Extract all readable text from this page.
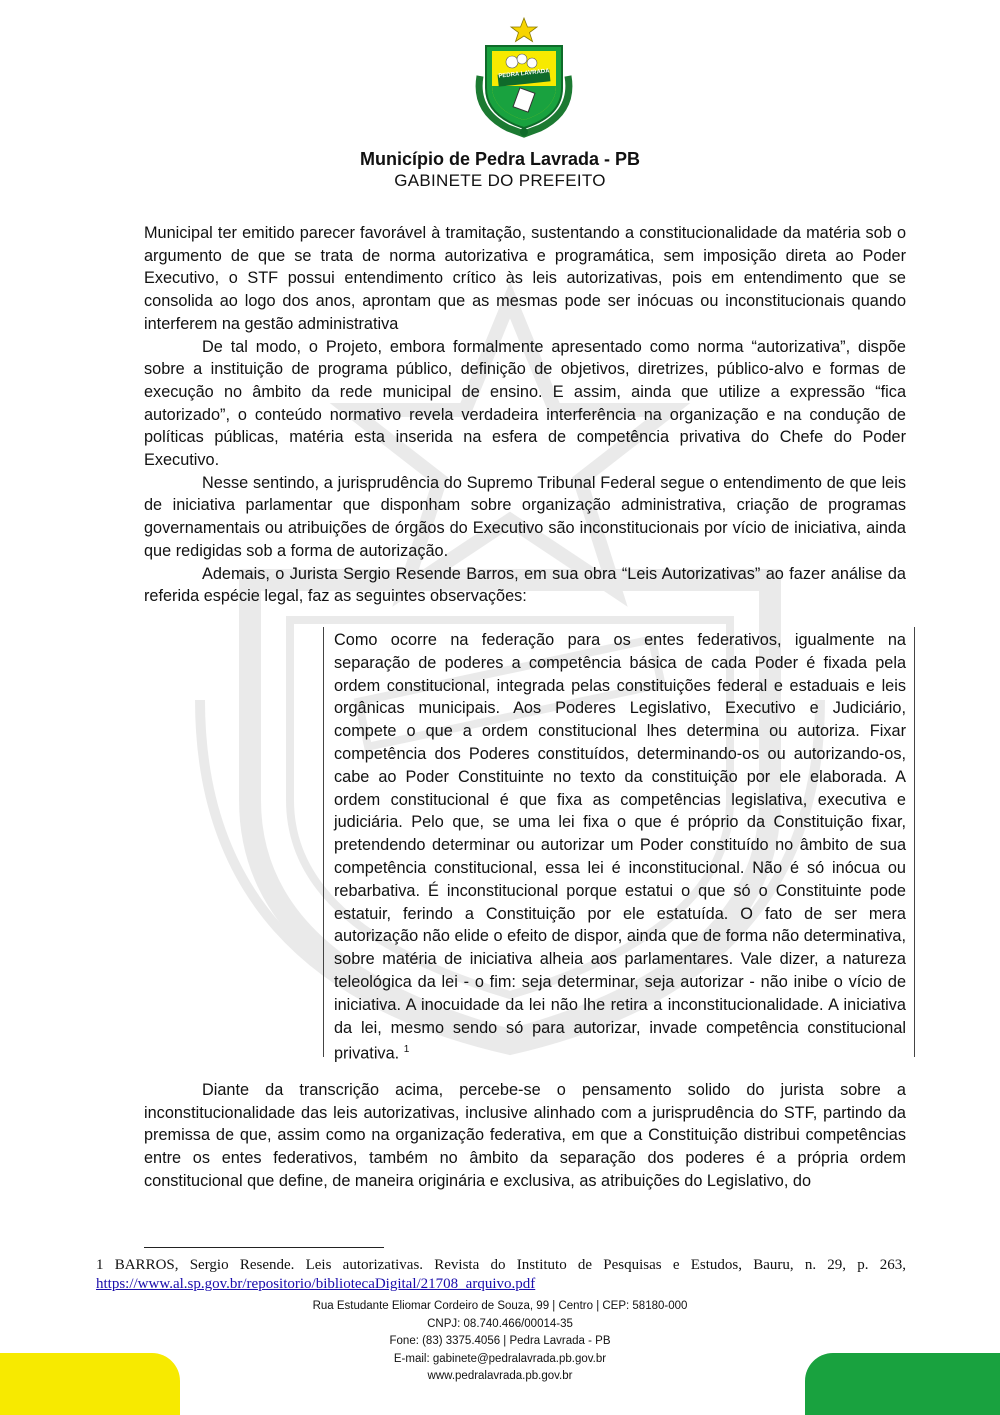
PEDRA LAVRADA
Município de Pedra Lavrada - PB
GABINETE DO PREFEITO

Municipal ter emitido parecer favorável à tramitação, sustentando a constitucionalidade da matéria sob o argumento de que se trata de norma autorizativa e programática, sem imposição direta ao Poder Executivo, o STF possui entendimento crítico às leis autorizativas, pois em entendimento que se consolida ao logo dos anos, aprontam que as mesmas pode ser inócuas ou inconstitucionais quando interferem na gestão administrativa

De tal modo, o Projeto, embora formalmente apresentado como norma “autorizativa”, dispõe sobre a instituição de programa público, definição de objetivos, diretrizes, público-alvo e formas de execução no âmbito da rede municipal de ensino. E assim, ainda que utilize a expressão “fica autorizado”, o conteúdo normativo revela verdadeira interferência na organização e na condução de políticas públicas, matéria esta inserida na esfera de competência privativa do Chefe do Poder Executivo.

Nesse sentindo, a jurisprudência do Supremo Tribunal Federal segue o entendimento de que leis de iniciativa parlamentar que disponham sobre organização administrativa, criação de programas governamentais ou atribuições de órgãos do Executivo são inconstitucionais por vício de iniciativa, ainda que redigidas sob a forma de autorização.

Ademais, o Jurista Sergio Resende Barros, em sua obra “Leis Autorizativas” ao fazer análise da referida espécie legal, faz as seguintes observações:

Como ocorre na federação para os entes federativos, igualmente na separação de poderes a competência básica de cada Poder é fixada pela ordem constitucional, integrada pelas constituições federal e estaduais e leis orgânicas municipais. Aos Poderes Legislativo, Executivo e Judiciário, compete o que a ordem constitucional lhes determina ou autoriza. Fixar competência dos Poderes constituídos, determinando-os ou autorizando-os, cabe ao Poder Constituinte no texto da constituição por ele elaborada. A ordem constitucional é que fixa as competências legislativa, executiva e judiciária. Pelo que, se uma lei fixa o que é próprio da Constituição fixar, pretendendo determinar ou autorizar um Poder constituído no âmbito de sua competência constitucional, essa lei é inconstitucional. Não é só inócua ou rebarbativa. É inconstitucional porque estatui o que só o Constituinte pode estatuir, ferindo a Constituição por ele estatuída. O fato de ser mera autorização não elide o efeito de dispor, ainda que de forma não determinativa, sobre matéria de iniciativa alheia aos parlamentares. Vale dizer, a natureza teleológica da lei - o fim: seja determinar, seja autorizar - não inibe o vício de iniciativa. A inocuidade da lei não lhe retira a inconstitucionalidade. A iniciativa da lei, mesmo sendo só para autorizar, invade competência constitucional privativa. $^1$

Diante da transcrição acima, percebe-se o pensamento solido do jurista sobre a inconstitucionalidade das leis autorizativas, inclusive alinhado com a jurisprudência do STF, partindo da premissa de que, assim como na organização federativa, em que a Constituição distribui competências entre os entes federativos, também no âmbito da separação dos poderes é a própria ordem constitucional que define, de maneira originária e exclusiva, as atribuições do Legislativo, do

1 BARROS, Sergio Resende. Leis autorizativas. Revista do Instituto de Pesquisas e Estudos, Bauru, n. 29, p. 263, https://www.al.sp.gov.br/repositorio/bibliotecaDigital/21708_arquivo.pdf
Rua Estudante Eliomar Cordeiro de Souza, 99 | Centro | CEP: 58180-000
CNPJ: 08.740.466/00014-35
Fone: (83) 3375.4056 | Pedra Lavrada - PB
E-mail: gabinete@pedralavrada.pb.gov.br
www.pedralavrada.pb.gov.br
